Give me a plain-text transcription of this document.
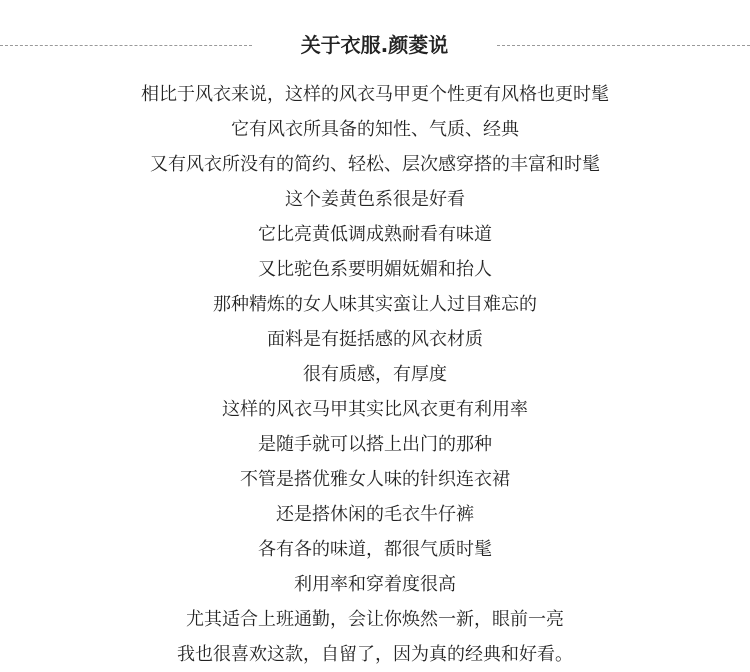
关于衣服.颜菱说
相比于风衣来说，这样的风衣马甲更个性更有风格也更时髦
它有风衣所具备的知性、气质、经典
又有风衣所没有的简约、轻松、层次感穿搭的丰富和时髦
这个姜黄色系很是好看
它比亮黄低调成熟耐看有味道
又比驼色系要明媚妩媚和抬人
那种精炼的女人味其实蛮让人过目难忘的
面料是有挺括感的风衣材质
很有质感，有厚度
这样的风衣马甲其实比风衣更有利用率
是随手就可以搭上出门的那种
不管是搭优雅女人味的针织连衣裙
还是搭休闲的毛衣牛仔裤
各有各的味道，都很气质时髦
利用率和穿着度很高
尤其适合上班通勤，会让你焕然一新，眼前一亮
我也很喜欢这款，自留了，因为真的经典和好看。
